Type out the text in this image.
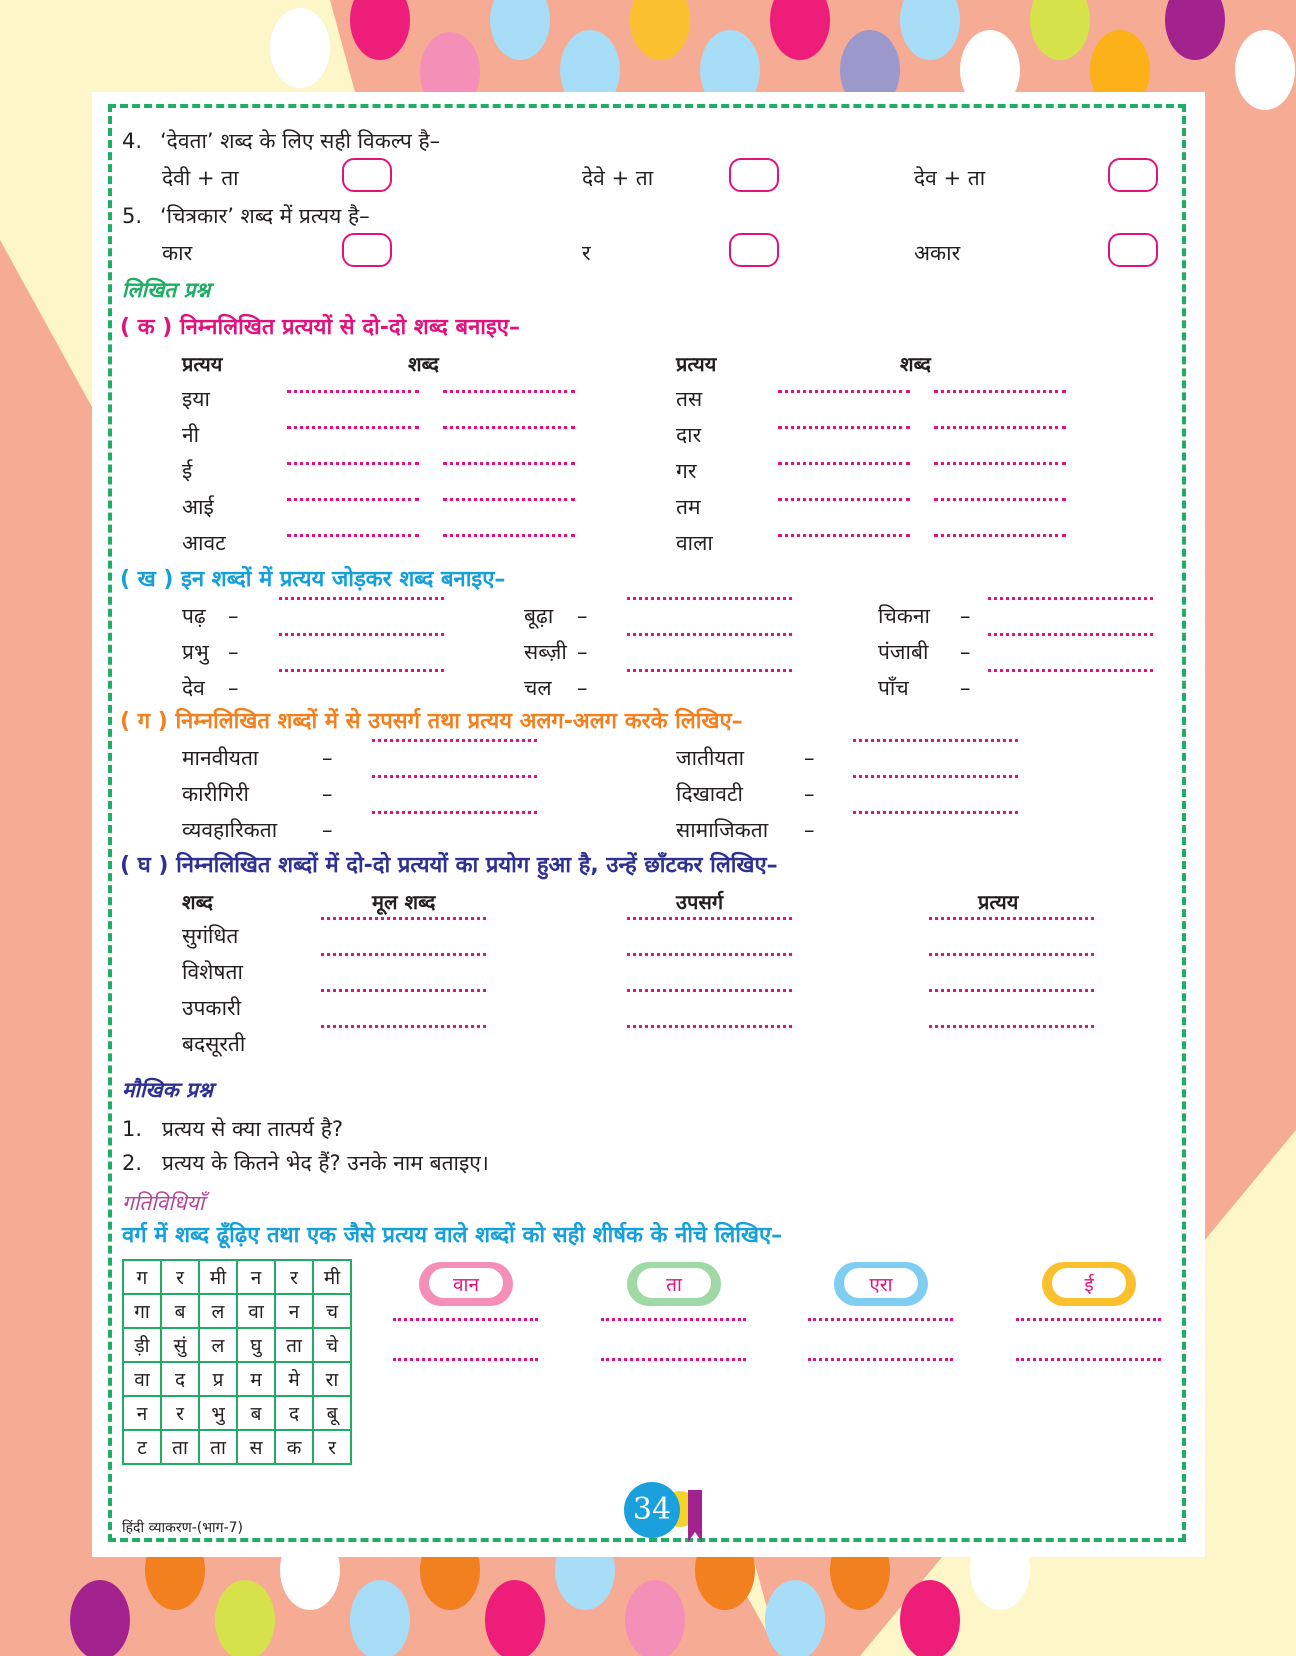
4. ‘देवता’ शब्द के लिए सही विकल्प है–
देवी + ता	देवे + ता	देव + ता
5. ‘चित्रकार’ शब्द में प्रत्यय है–
कार	र	अकार
लिखित प्रश्न
( क ) निम्नलिखित प्रत्ययों से दो-दो शब्द बनाइए–
प्रत्यय	शब्द	प्रत्यय	शब्द
इया	तस
नी	दार
ई	गर
आई	तम
आवट	वाला
( ख ) इन शब्दों में प्रत्यय जोड़कर शब्द बनाइए–
पढ़ –	बूढ़ा –	चिकना –
प्रभु –	सब्ज़ी –	पंजाबी –
देव –	चल –	पाँच –
( ग ) निम्नलिखित शब्दों में से उपसर्ग तथा प्रत्यय अलग-अलग करके लिखिए–
मानवीयता	–	जातीयता	–
कारीगिरी	–	दिखावटी	–
व्यवहारिकता –	सामाजिकता –
( घ ) निम्नलिखित शब्दों में दो-दो प्रत्ययों का प्रयोग हुआ है, उन्हें छाँटकर लिखिए–
शब्द	मूल शब्द	उपसर्ग	प्रत्यय
सुगंधित
विशेषता
उपकारी
बदसूरती
मौखिक प्रश्न
1. प्रत्यय से क्या तात्पर्य है?
2. प्रत्यय के कितने भेद हैं? उनके नाम बताइए।
गतिविधियाँ
वर्ग में शब्द ढूँढ़िए तथा एक जैसे प्रत्यय वाले शब्दों को सही शीर्षक के नीचे लिखिए–
ग	र	मी	न	र	मी
गा	ब	ल	वा	न	च
ड़ी	सुं	ल	घु	ता	चे
वा	द	प्र	म	मे	रा
न	र	भु	ब	द	बू
ट	ता	ता	स	क	र
वान	ता	एरा	ई
हिंदी व्याकरण-(भाग-7)
34
